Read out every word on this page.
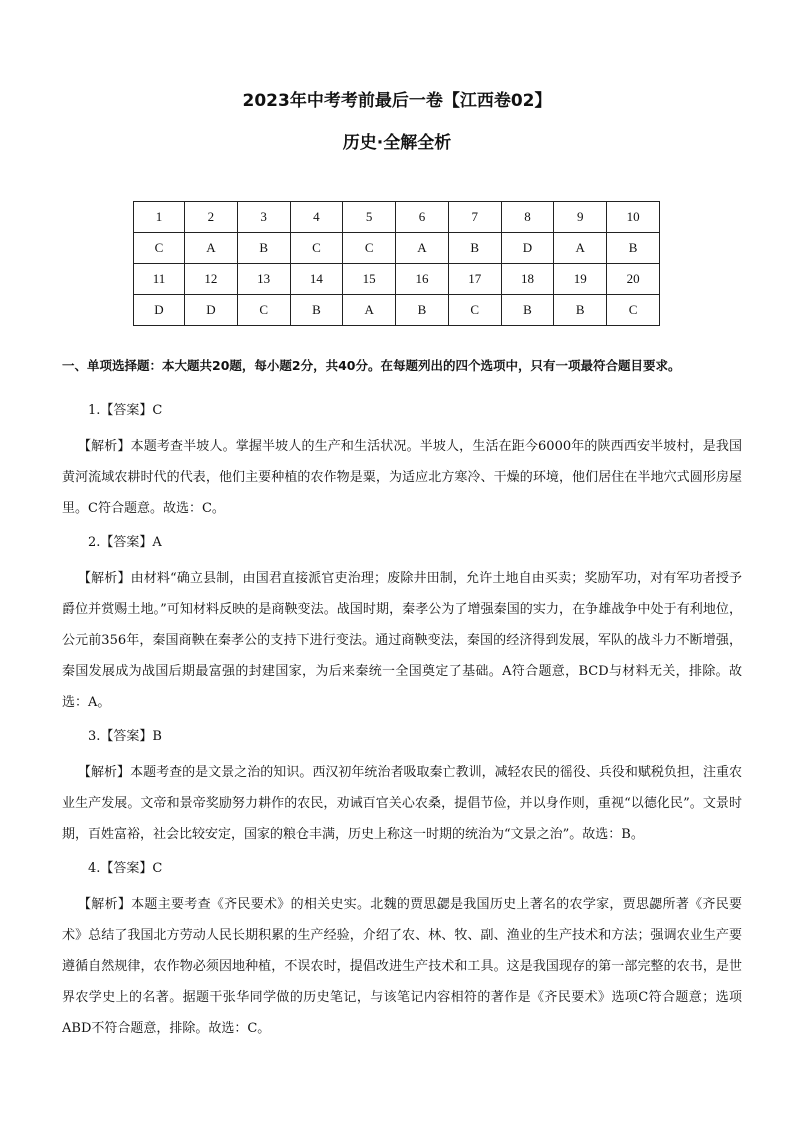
2023年中考考前最后一卷【江西卷02】
历史·全解全析
1	2	3	4	5	6	7	8	9	10
C	A	B	C	C	A	B	D	A	B
11	12	13	14	15	16	17	18	19	20
D	D	C	B	A	B	C	B	B	C
一、单项选择题：本大题共20题，每小题2分，共40分。在每题列出的四个选项中，只有一项最符合题目要求。
1.【答案】C
【解析】本题考查半坡人。掌握半坡人的生产和生活状况。半坡人，生活在距今6000年的陕西西安半坡村，是我国黄河流域农耕时代的代表，他们主要种植的农作物是粟，为适应北方寒冷、干燥的环境，他们居住在半地穴式圆形房屋里。C符合题意。故选：C。
2.【答案】A
【解析】由材料“确立县制，由国君直接派官吏治理；废除井田制，允许土地自由买卖；奖励军功，对有军功者授予爵位并赏赐土地。”可知材料反映的是商鞅变法。战国时期，秦孝公为了增强秦国的实力，在争雄战争中处于有利地位，公元前356年，秦国商鞅在秦孝公的支持下进行变法。通过商鞅变法，秦国的经济得到发展，军队的战斗力不断增强，秦国发展成为战国后期最富强的封建国家，为后来秦统一全国奠定了基础。A符合题意，BCD与材料无关，排除。故选：A。
3.【答案】B
【解析】本题考查的是文景之治的知识。西汉初年统治者吸取秦亡教训，减轻农民的徭役、兵役和赋税负担，注重农业生产发展。文帝和景帝奖励努力耕作的农民，劝诫百官关心农桑，提倡节俭，并以身作则，重视“以德化民”。文景时期，百姓富裕，社会比较安定，国家的粮仓丰满，历史上称这一时期的统治为“文景之治”。故选：B。
4.【答案】C
【解析】本题主要考查《齐民要术》的相关史实。北魏的贾思勰是我国历史上著名的农学家，贾思勰所著《齐民要术》总结了我国北方劳动人民长期积累的生产经验，介绍了农、林、牧、副、渔业的生产技术和方法；强调农业生产要遵循自然规律，农作物必须因地种植，不误农时，提倡改进生产技术和工具。这是我国现存的第一部完整的农书，是世界农学史上的名著。据题干张华同学做的历史笔记，与该笔记内容相符的著作是《齐民要术》选项C符合题意；选项ABD不符合题意，排除。故选：C。
